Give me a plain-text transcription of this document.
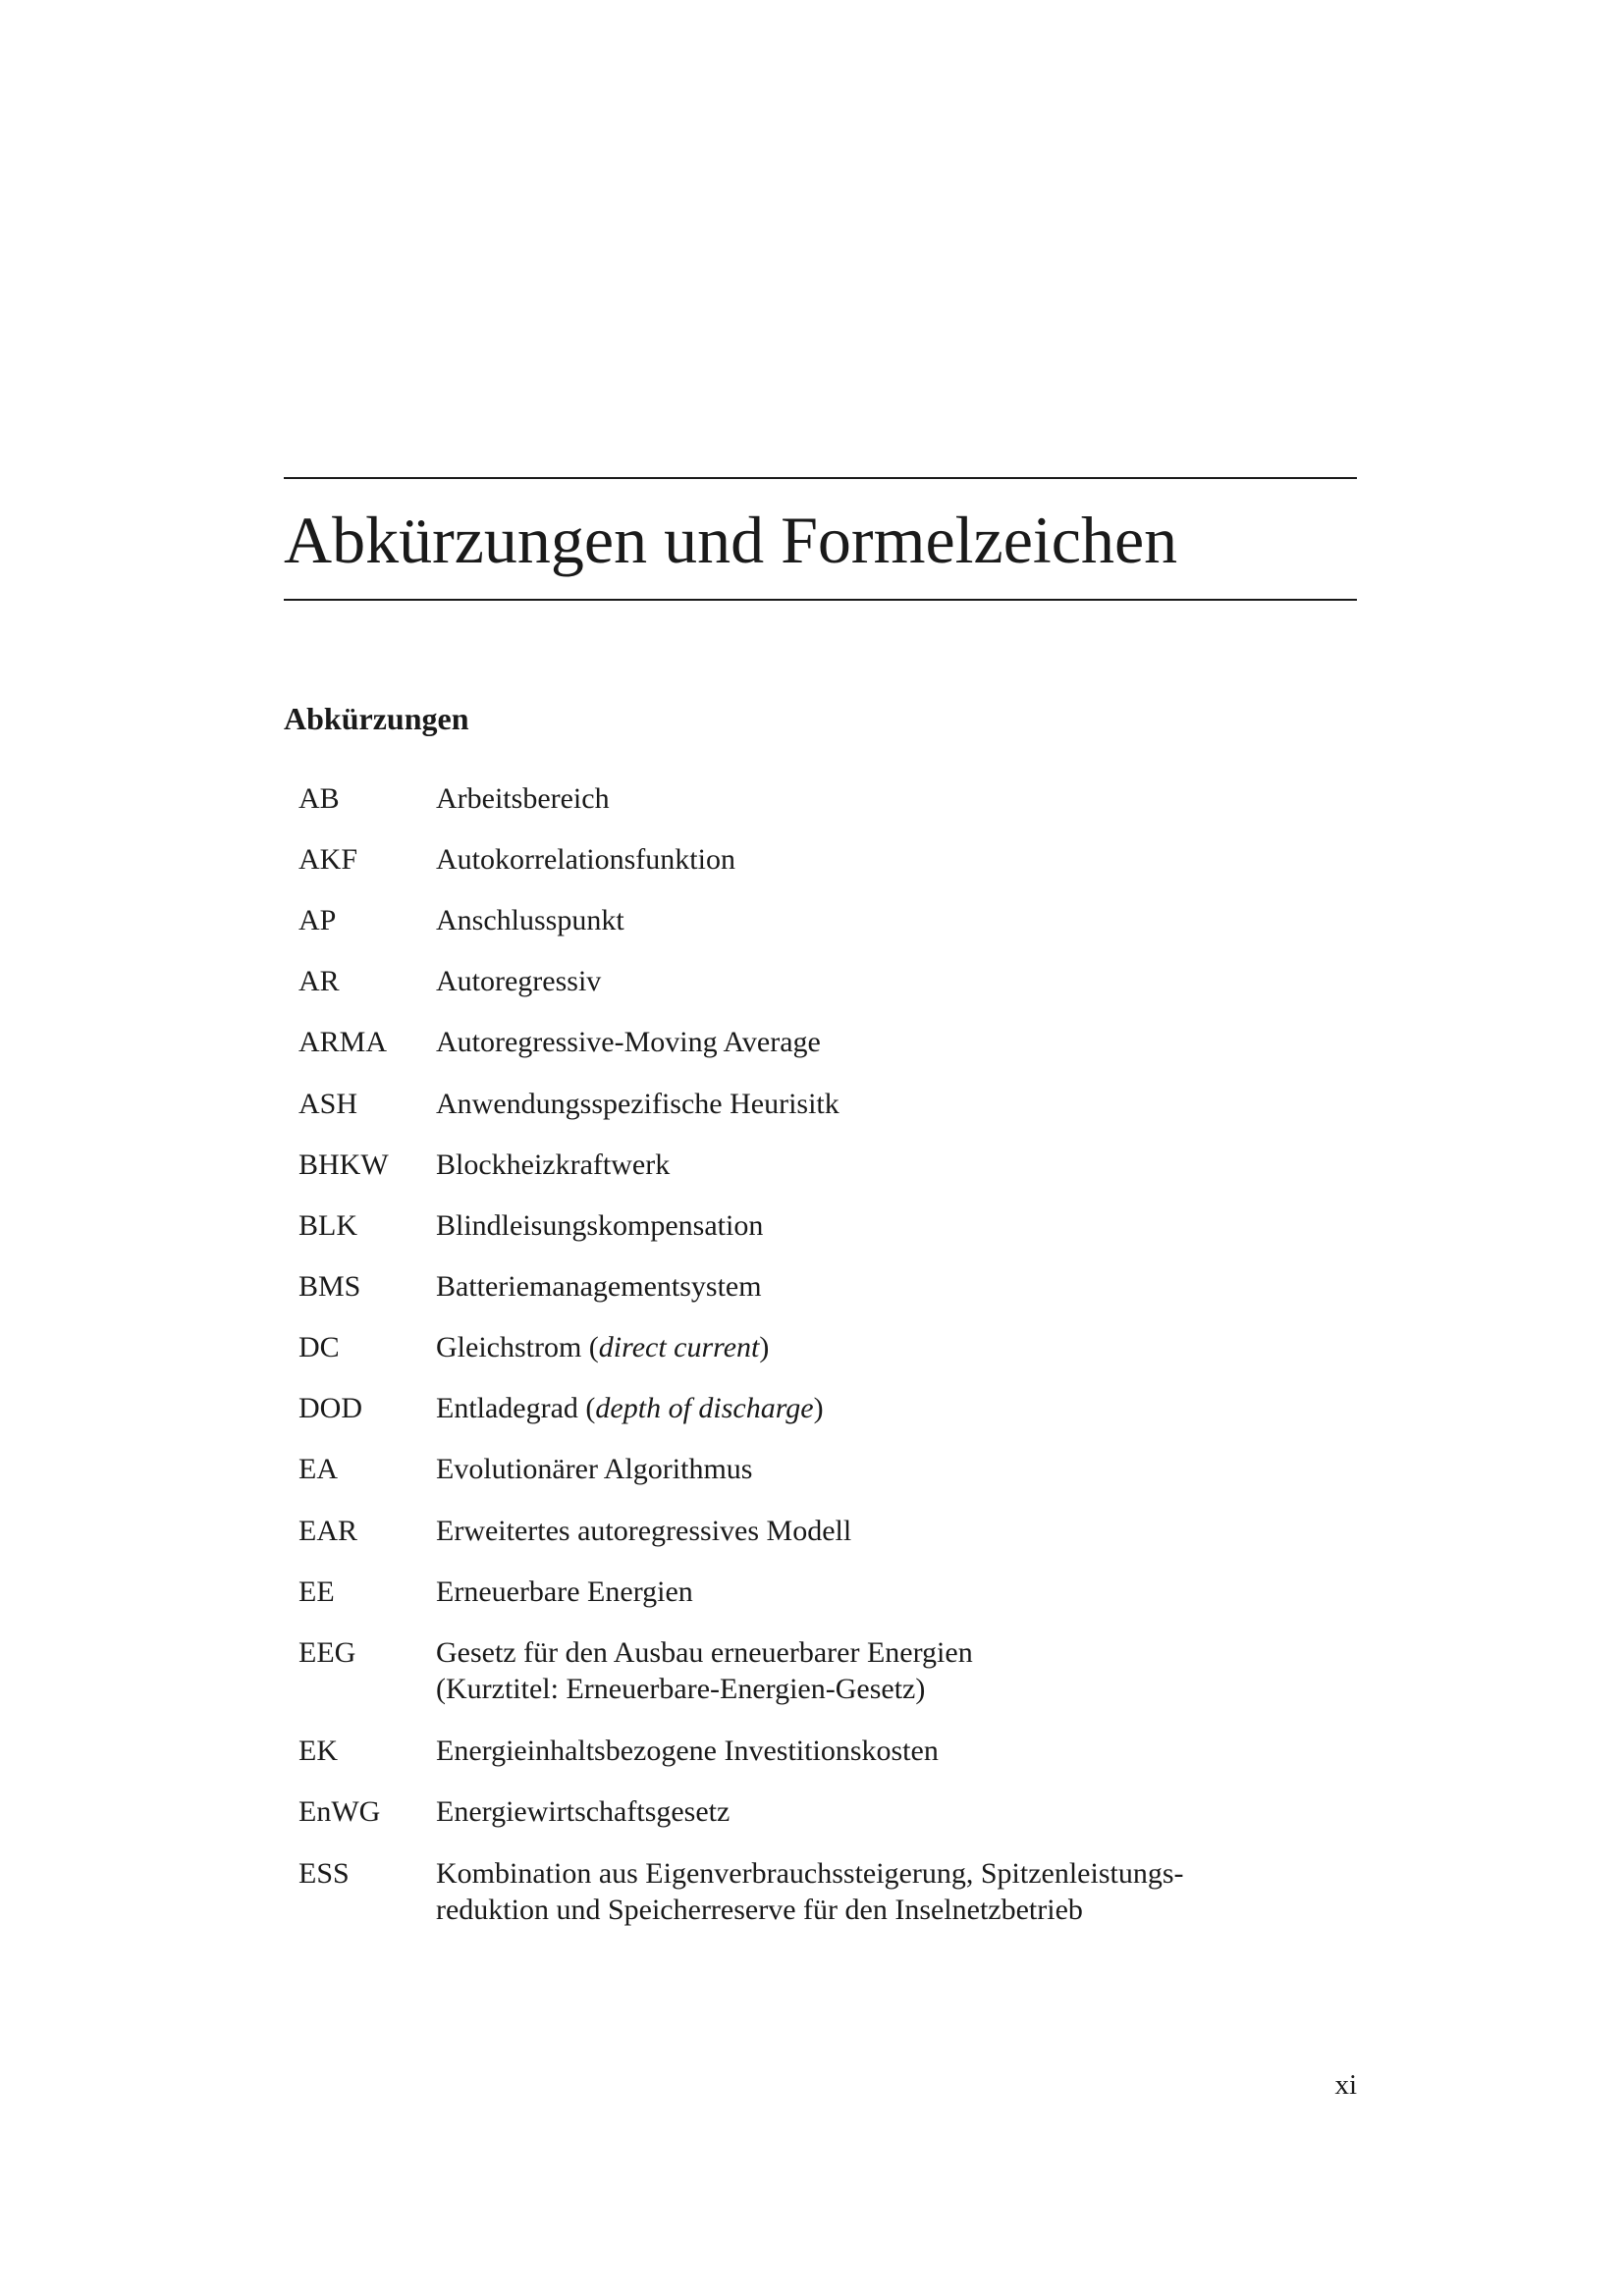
Abkürzungen und Formelzeichen
Abkürzungen
AB	Arbeitsbereich
AKF	Autokorrelationsfunktion
AP	Anschlusspunkt
AR	Autoregressiv
ARMA	Autoregressive-Moving Average
ASH	Anwendungsspezifische Heurisitk
BHKW	Blockheizkraftwerk
BLK	Blindleisungskompensation
BMS	Batteriemanagementsystem
DC	Gleichstrom (direct current)
DOD	Entladegrad (depth of discharge)
EA	Evolutionärer Algorithmus
EAR	Erweitertes autoregressives Modell
EE	Erneuerbare Energien
EEG	Gesetz für den Ausbau erneuerbarer Energien
(Kurztitel: Erneuerbare-Energien-Gesetz)
EK	Energieinhaltsbezogene Investitionskosten
EnWG	Energiewirtschaftsgesetz
ESS	Kombination aus Eigenverbrauchssteigerung, Spitzenleistungs-
reduktion und Speicherreserve für den Inselnetzbetrieb
xi
